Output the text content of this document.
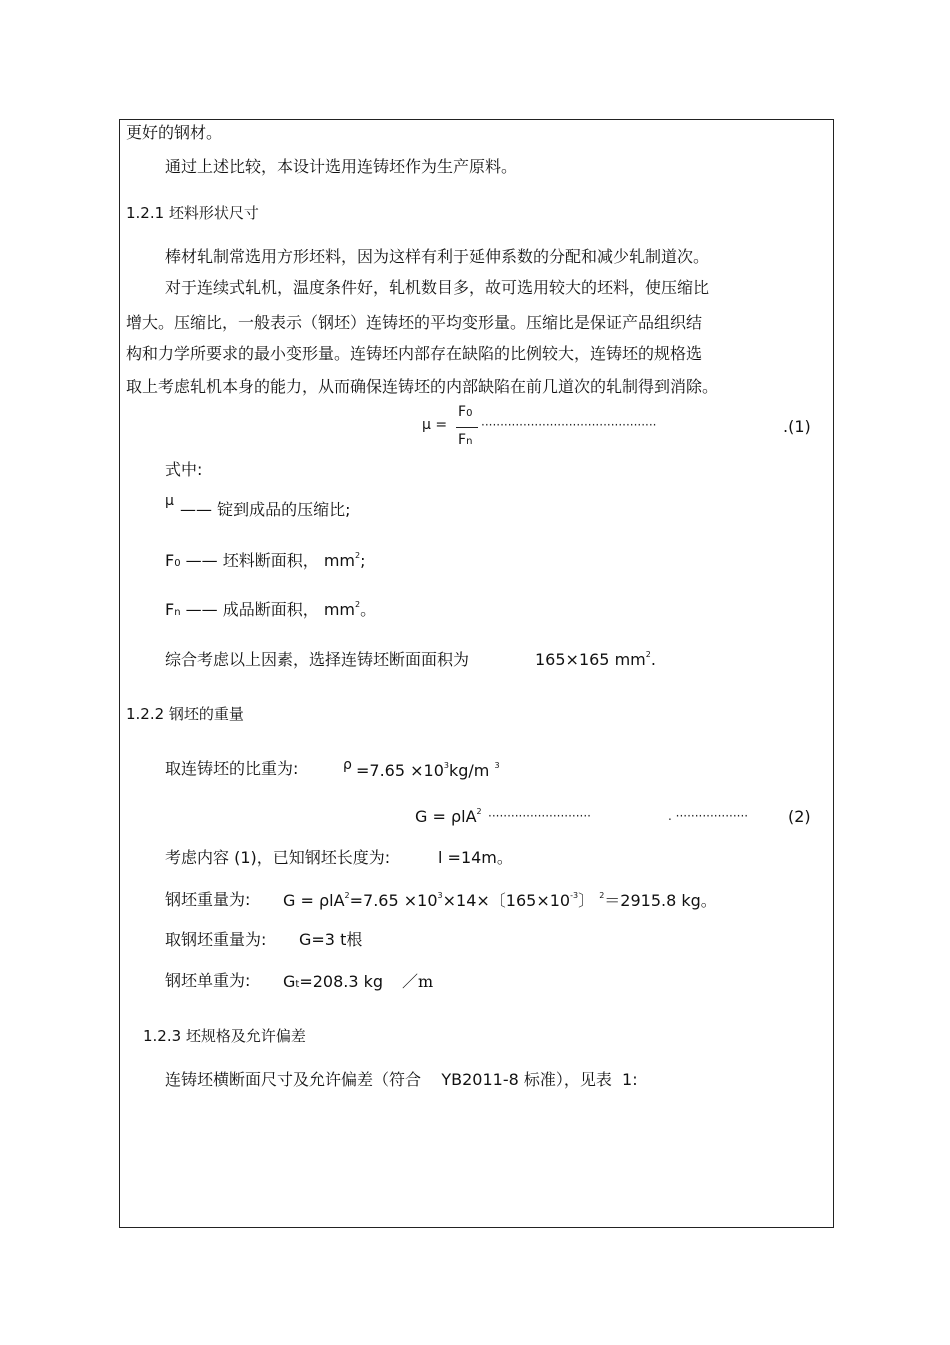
更好的钢材。
通过上述比较，本设计选用连铸坯作为生产原料。
1.2.1 坯料形状尺寸
棒材轧制常选用方形坯料，因为这样有利于延伸系数的分配和减少轧制道次。
对于连续式轧机，温度条件好，轧机数目多，故可选用较大的坯料，使压缩比
增大。压缩比，一般表示（钢坯）连铸坯的平均变形量。压缩比是保证产品组织结
构和力学所要求的最小变形量。连铸坯内部存在缺陷的比例较大，连铸坯的规格选
取上考虑轧机本身的能力，从而确保连铸坯的内部缺陷在前几道次的轧制得到消除。
μ =
F0
Fn
··············································	.(1)
式中:
μ —— 锭到成品的压缩比;
F0 —— 坯料断面积， $mm^2$;
Fn —— 成品断面积， $mm^2$。
综合考虑以上因素，选择连铸坯断面面积为	165×165 $mm^2$.
1.2.2 钢坯的重量
取连铸坯的比重为:	$\rho =7.65 \times 10^3kg/m$ $^3$
G = ρlA$^2$ ···························	. ··················· (2)
考虑内容 (1)，已知钢坯长度为:	l =14m。
钢坯重量为: $G = \rho lA^2=7.65 \times 10^3\times 14\times$〔$165\times 10^{-3}$〕 $^2$＝2915.8 kg。
取钢坯重量为: G=3 t根
钢坯单重为: Gt=208.3 kg ／m
1.2.3 坯规格及允许偏差
连铸坯横断面尺寸及允许偏差（符合    YB2011-8 标准），见表  1:
